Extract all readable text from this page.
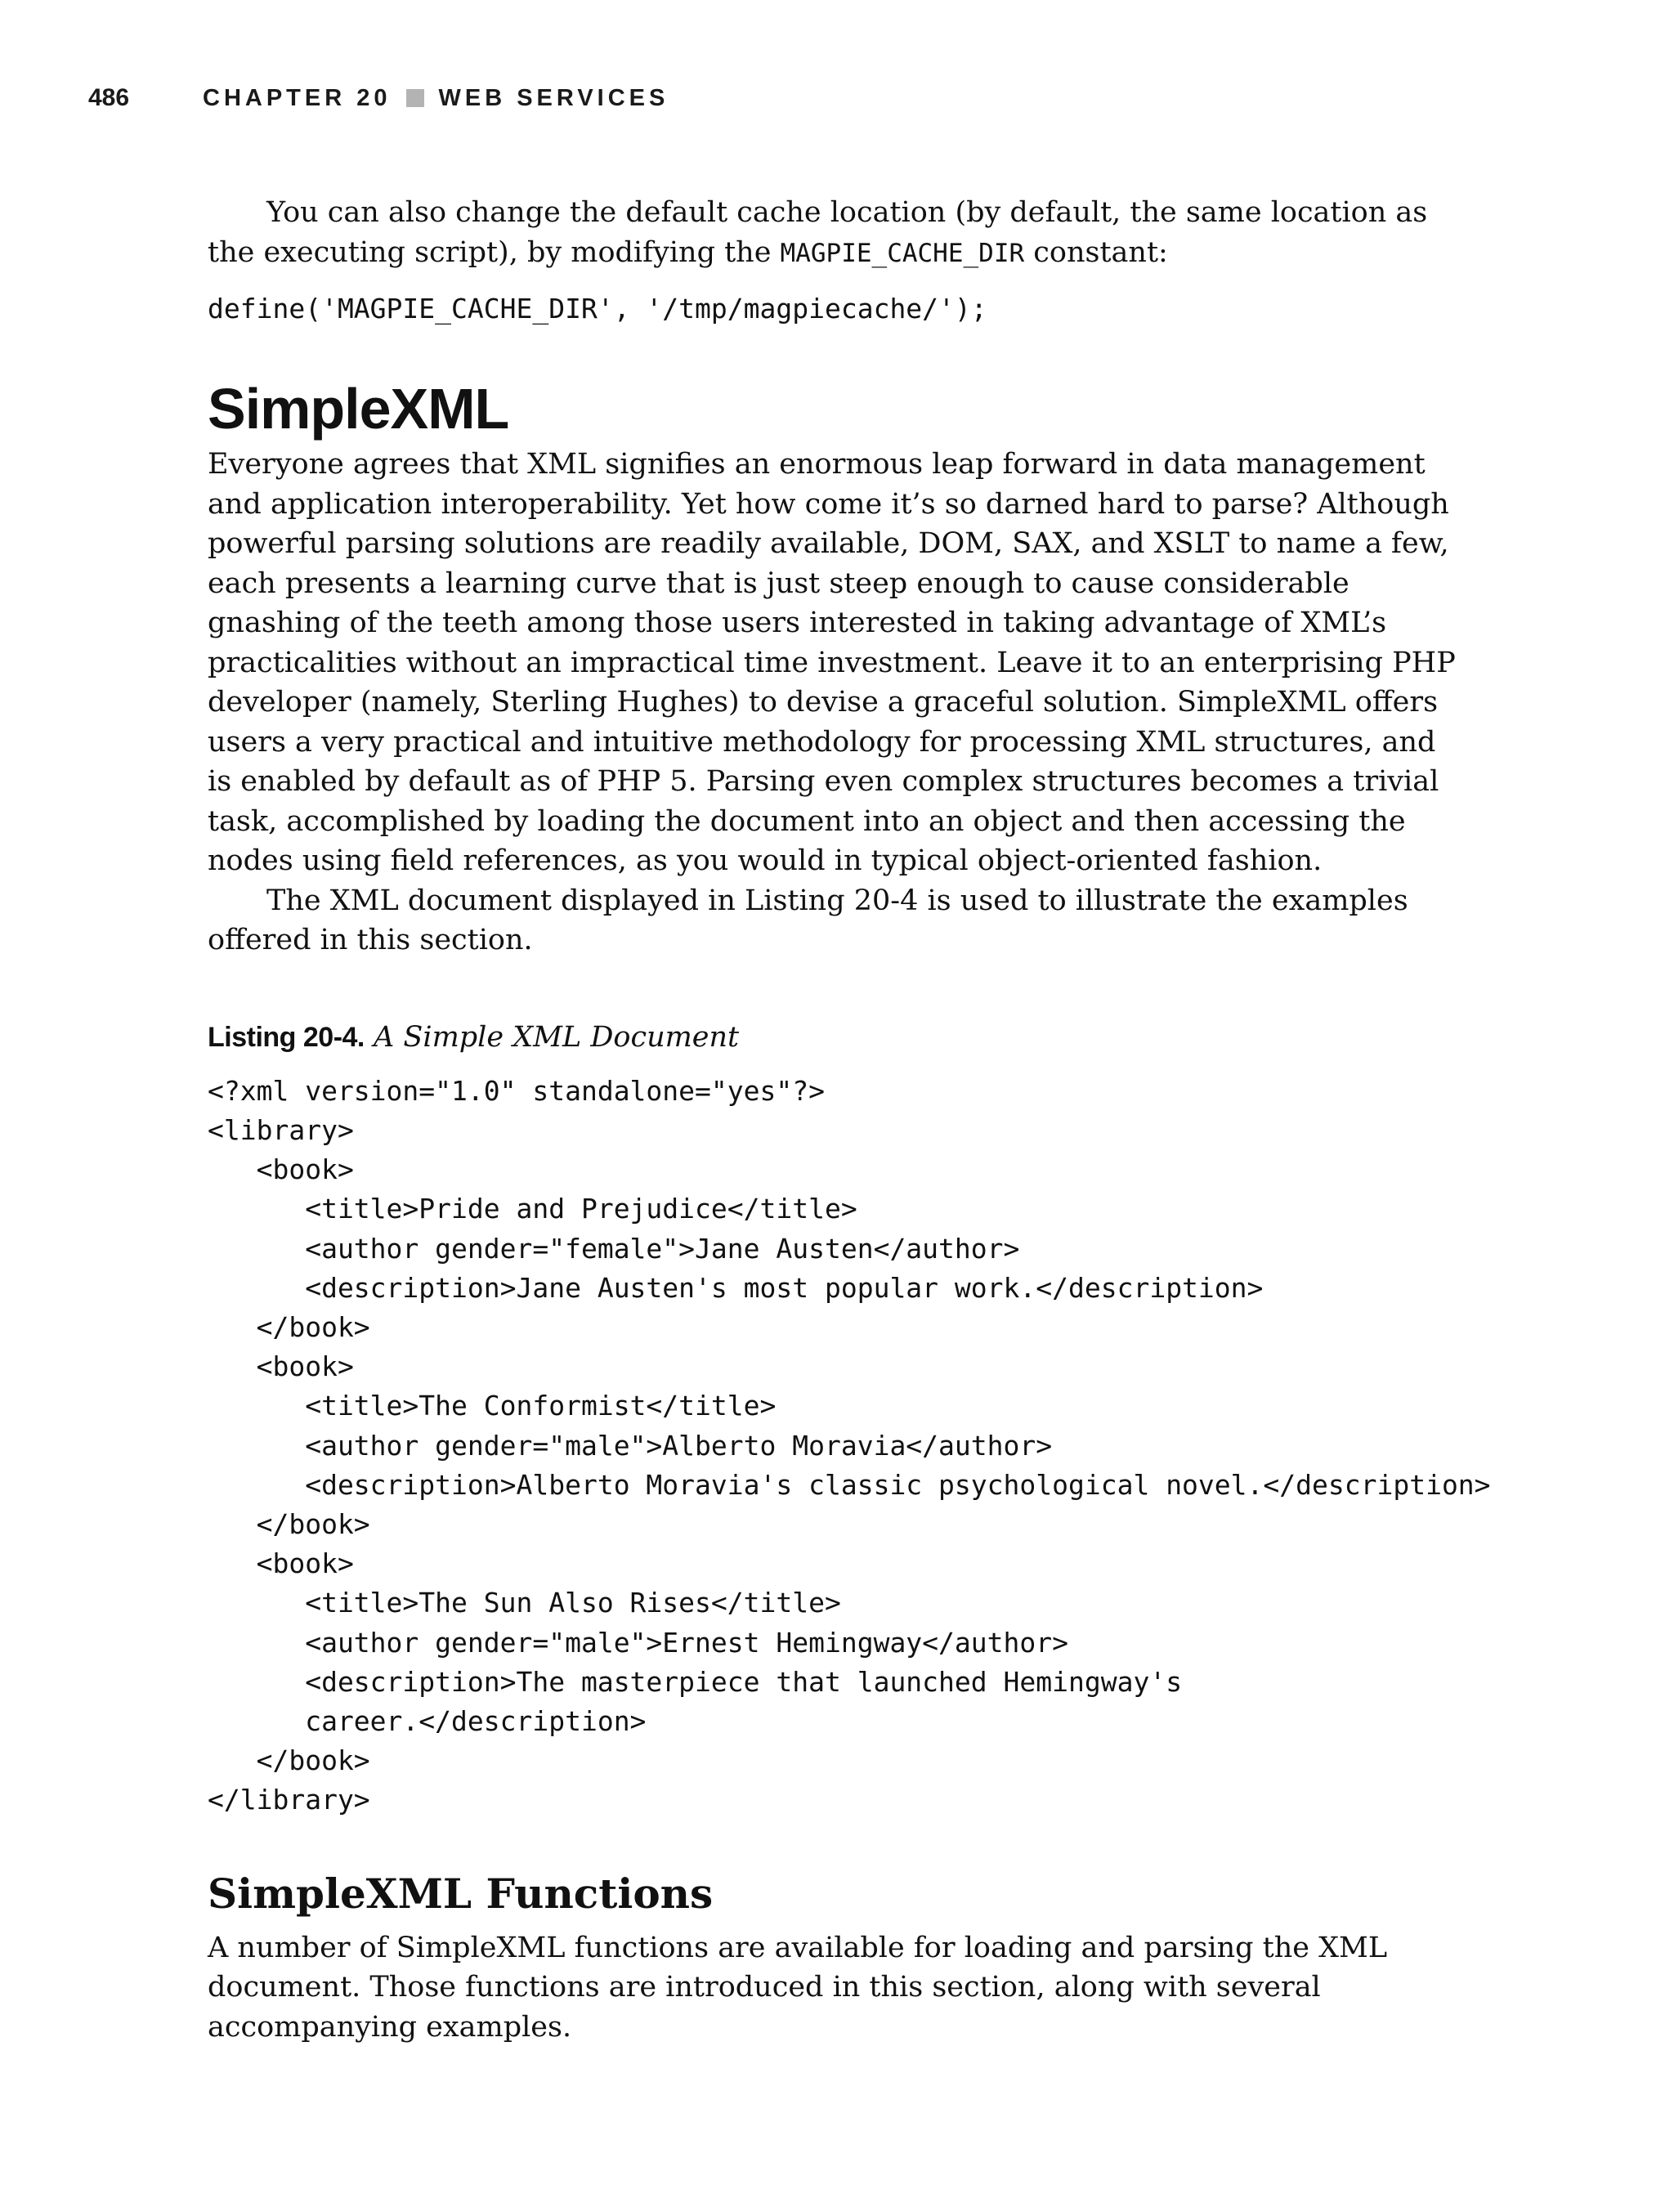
486	CHAPTER 20 WEB SERVICES

You can also change the default cache location (by default, the same location as the executing script), by modifying the MAGPIE_CACHE_DIR constant:

define('MAGPIE_CACHE_DIR', '/tmp/magpiecache/');

SimpleXML

Everyone agrees that XML signifies an enormous leap forward in data management and application interoperability. Yet how come it’s so darned hard to parse? Although powerful parsing solutions are readily available, DOM, SAX, and XSLT to name a few, each presents a learning curve that is just steep enough to cause considerable gnashing of the teeth among those users interested in taking advantage of XML’s practicalities without an impractical time investment. Leave it to an enterprising PHP developer (namely, Sterling Hughes) to devise a graceful solution. SimpleXML offers users a very practical and intuitive methodology for processing XML structures, and is enabled by default as of PHP 5. Parsing even complex structures becomes a trivial task, accomplished by loading the document into an object and then accessing the nodes using field references, as you would in typical object-oriented fashion.

The XML document displayed in Listing 20-4 is used to illustrate the examples offered in this section.

Listing 20-4. A Simple XML Document

<?xml version="1.0" standalone="yes"?>

<library>

<book>

<title>Pride and Prejudice</title>

<author gender="female">Jane Austen</author>

<description>Jane Austen's most popular work.</description>

</book>

<book>

<title>The Conformist</title>

<author gender="male">Alberto Moravia</author>

<description>Alberto Moravia's classic psychological novel.</description>

</book>

<book>

<title>The Sun Also Rises</title>

<author gender="male">Ernest Hemingway</author>

<description>The masterpiece that launched Hemingway's

career.</description>

</book>

</library>

SimpleXML Functions

A number of SimpleXML functions are available for loading and parsing the XML document. Those functions are introduced in this section, along with several accompanying examples.
